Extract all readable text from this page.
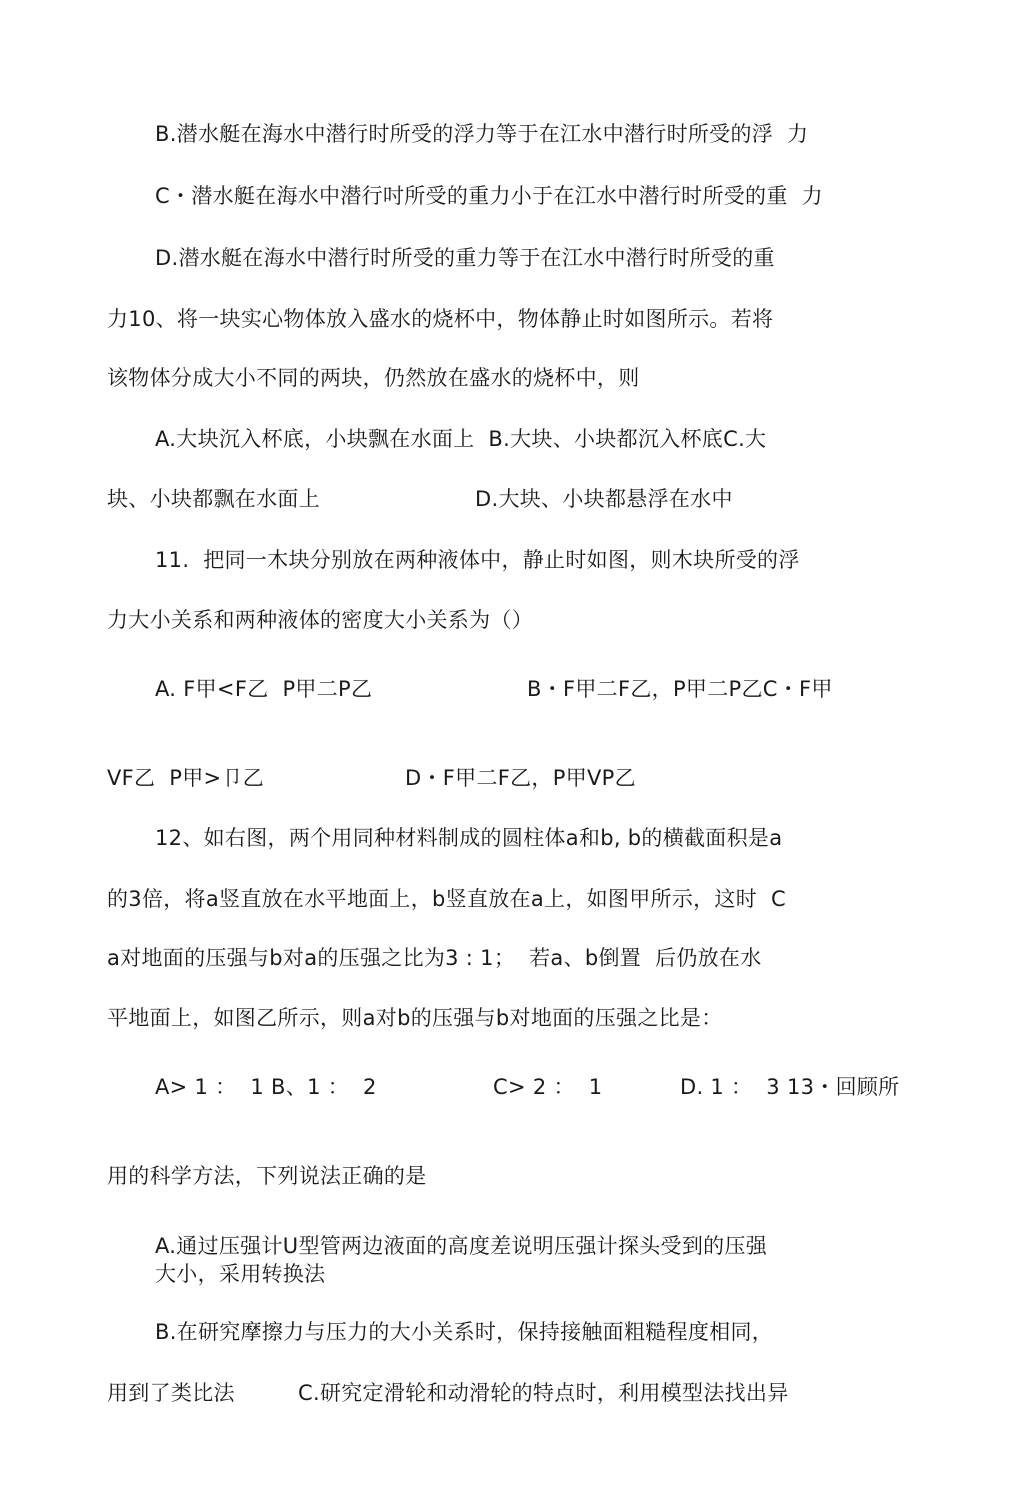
B.潜水艇在海水中潜行时所受的浮力等于在江水中潜行时所受的浮  力
C・潜水艇在海水中潜行吋所受的重力小于在江水中潜行时所受的重  力
D.潜水艇在海水中潜行时所受的重力等于在江水中潜行时所受的重
力10、将一块实心物体放入盛水的烧杯中，物体静止时如图所示。若将
该物体分成大小不同的两块，仍然放在盛水的烧杯中，则
A.大块沉入杯底，小块飘在水面上  B.大块、小块都沉入杯底C.大
块、小块都飘在水面上	D.大块、小块都悬浮在水中
11.  把同一木块分别放在两种液体中，静止时如图，则木块所受的浮
力大小关系和两种液体的密度大小关系为（）
A. F甲<F乙  P甲二P乙	B・F甲二F乙，P甲二P乙C・F甲
VF乙  P甲>卩乙	D・F甲二F乙，P甲VP乙
12、如右图，两个用同种材料制成的圆柱体a和b, b的横截面积是a
的3倍，将a竖直放在水平地面上，b竖直放在a上，如图甲所示，这时  C
a对地面的压强与b对a的压强之比为3 : 1；  若a、b倒置  后仍放在水
平地面上，如图乙所示，则a对b的压强与b对地面的压强之比是：
A> 1 ：  1 B、1 ：  2	C> 2 ：  1	D. 1 ：  3 13・回顾所
用的科学方法，下列说法正确的是
A.通过压强计U型管两边液面的高度差说明压强计探头受到的压强
大小，采用转换法
B.在研究摩擦力与压力的大小关系时，保持接触面粗糙程度相同，
用到了类比法	C.研究定滑轮和动滑轮的特点时，利用模型法找出异
